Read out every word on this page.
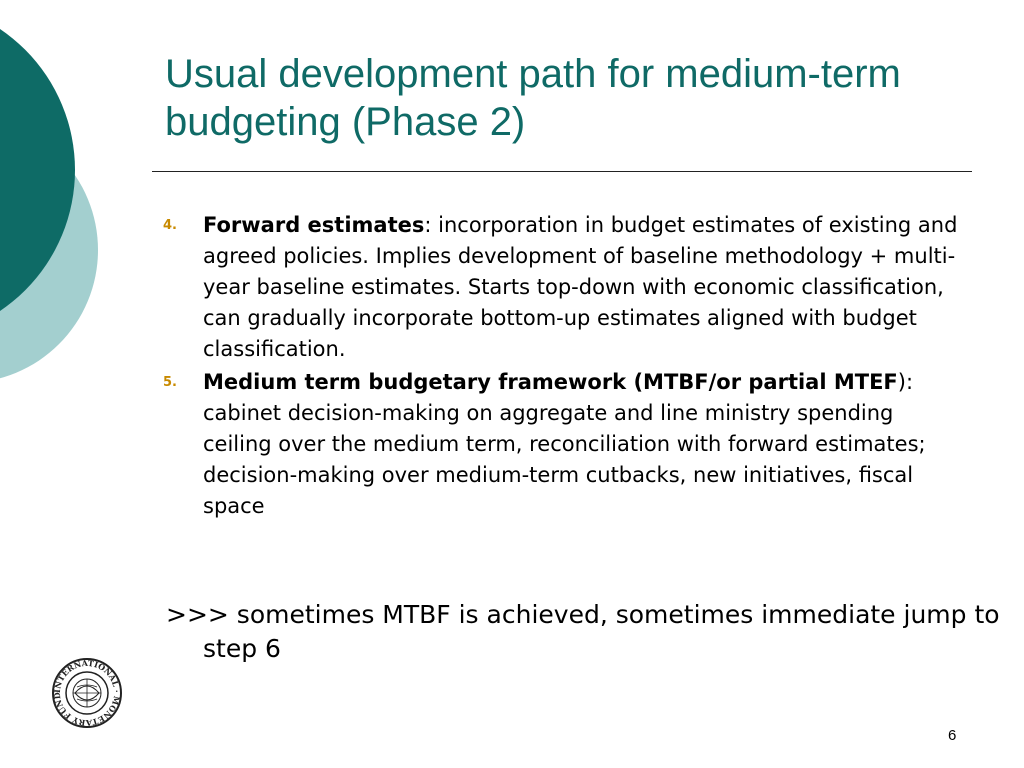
Usual development path for medium-term budgeting (Phase 2)
4. Forward estimates: incorporation in budget estimates of existing and agreed policies. Implies development of baseline methodology + multi-year baseline estimates. Starts top-down with economic classification, can gradually incorporate bottom-up estimates aligned with budget classification.
5. Medium term budgetary framework (MTBF/or partial MTEF): cabinet decision-making on aggregate and line ministry spending ceiling over the medium term, reconciliation with forward estimates; decision-making over medium-term cutbacks, new initiatives, fiscal space

>>> sometimes MTBF is achieved, sometimes immediate jump to step 6

INTERNATIONAL · MONETARY FUND
6
